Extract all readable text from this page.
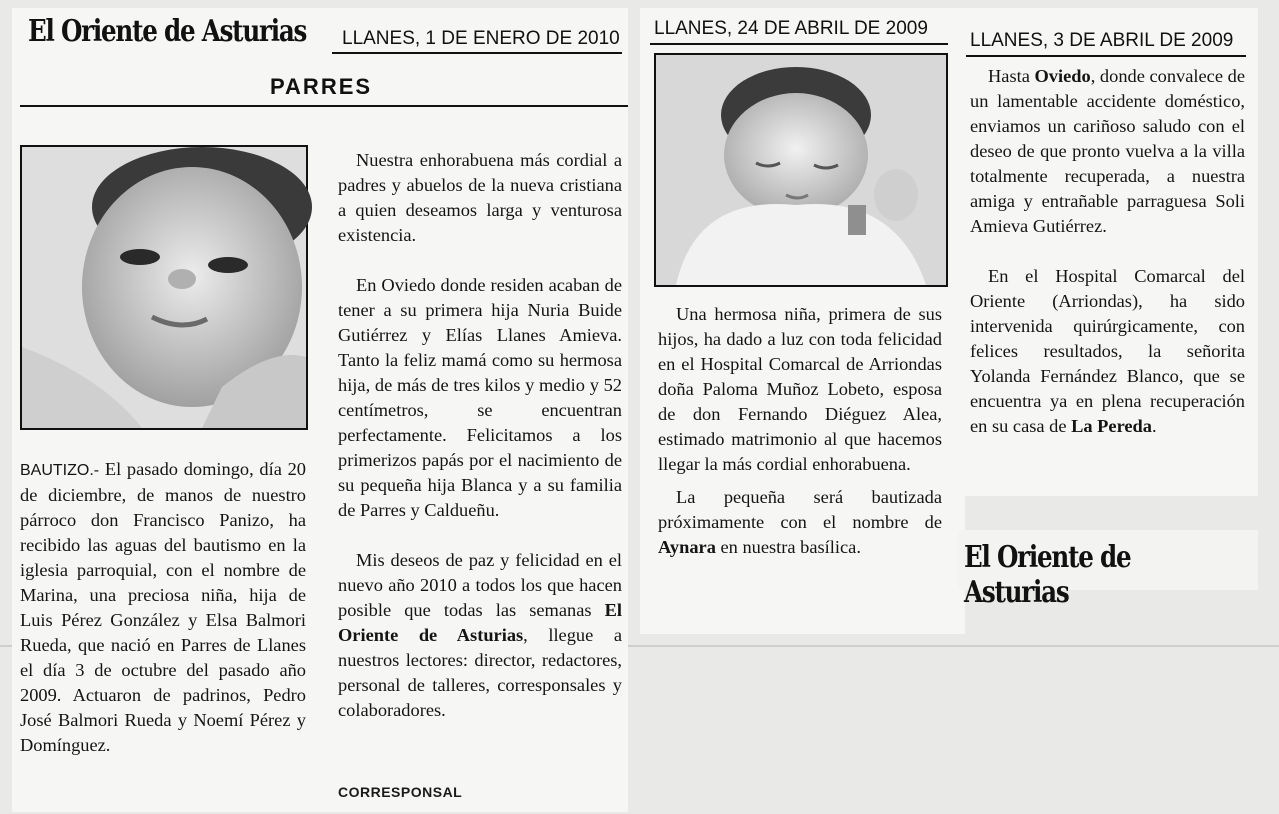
El Oriente de Asturias LLANES, 1 DE ENERO DE 2010
PARRES
BAUTIZO.- El pasado domingo, día 20 de diciembre, de manos de nuestro párroco don Francisco Panizo, ha recibido las aguas del bautismo en la iglesia parroquial, con el nombre de Marina, una preciosa niña, hija de Luis Pérez González y Elsa Balmori Rueda, que nació en Parres de Llanes el día 3 de octubre del pasado año 2009. Actuaron de padrinos, Pedro José Balmori Rueda y Noemí Pérez y Domínguez.

Nuestra enhorabuena más cordial a padres y abuelos de la nueva cristiana a quien deseamos larga y venturosa existencia.

En Oviedo donde residen acaban de tener a su primera hija Nuria Buide Gutiérrez y Elías Llanes Amieva. Tanto la feliz mamá como su hermosa hija, de más de tres kilos y medio y 52 centímetros, se encuentran perfectamente. Felicitamos a los primerizos papás por el nacimiento de su pequeña hija Blanca y a su familia de Parres y Caldueñu.

Mis deseos de paz y felicidad en el nuevo año 2010 a todos los que hacen posible que todas las semanas El Oriente de Asturias, llegue a nuestros lectores: director, redactores, personal de talleres, corresponsales y colaboradores.

CORRESPONSAL
LLANES, 24 DE ABRIL DE 2009

Una hermosa niña, primera de sus hijos, ha dado a luz con toda felicidad en el Hospital Comarcal de Arriondas doña Paloma Muñoz Lobeto, esposa de don Fernando Diéguez Alea, estimado matrimonio al que hacemos llegar la más cordial enhorabuena.

La pequeña será bautizada próximamente con el nombre de Aynara en nuestra basílica.

LLANES, 3 DE ABRIL DE 2009

Hasta Oviedo, donde convalece de un lamentable accidente doméstico, enviamos un cariñoso saludo con el deseo de que pronto vuelva a la villa totalmente recuperada, a nuestra amiga y entrañable parraguesa Soli Amieva Gutiérrez.

En el Hospital Comarcal del Oriente (Arriondas), ha sido intervenida quirúrgicamente, con felices resultados, la señorita Yolanda Fernández Blanco, que se encuentra ya en plena recuperación en su casa de La Pereda.

El Oriente de Asturias
